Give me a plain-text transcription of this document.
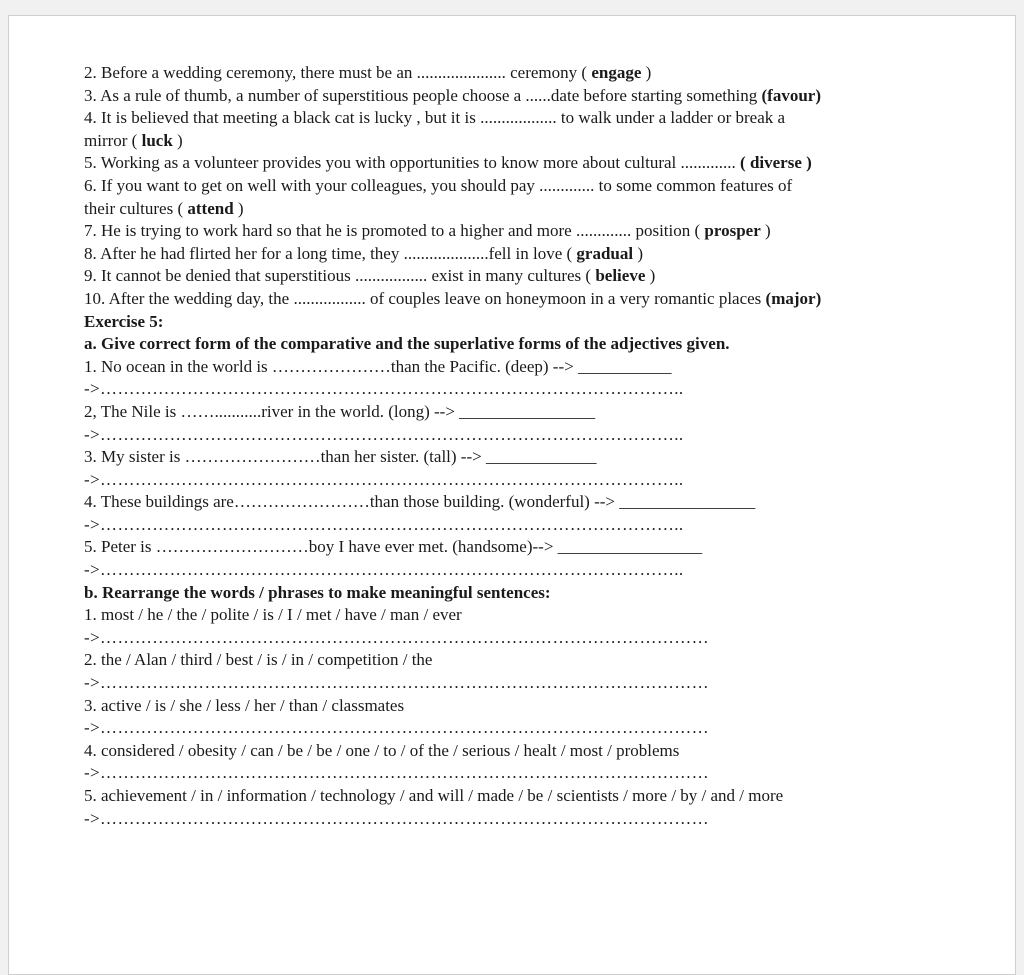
2. Before a wedding ceremony, there must be an ..................... ceremony ( engage )
3. As a rule of thumb, a number of superstitious people choose a ......date before starting something (favour)
4. It is believed that meeting a black cat is lucky , but it is .................. to walk under a ladder or break a
mirror ( luck )
5. Working as a volunteer provides you with opportunities to know more about cultural ............. ( diverse )
6. If you want to get on well with your colleagues, you should pay ............. to some common features of
their cultures ( attend )
7. He is trying to work hard so that he is promoted to a higher and more ............. position ( prosper )
8. After he had flirted her for a long time, they ....................fell in love ( gradual )
9. It cannot be denied that superstitious ................. exist in many cultures ( believe )
10. After the wedding day, the ................. of couples leave on honeymoon in a very romantic places (major)
Exercise 5:
a. Give correct form of the comparative and the superlative forms of the adjectives given.
1. No ocean in the world is …………………than the Pacific. (deep) --> ___________
->………………………………………………………………………………………..
2, The Nile is ……...........river in the world. (long) --> ________________
->………………………………………………………………………………………..
3. My sister is ……………………than her sister. (tall) --> _____________
->………………………………………………………………………………………..
4. These buildings are……………………than those building. (wonderful) --> ________________
->………………………………………………………………………………………..
5. Peter is ………………………boy I have ever met. (handsome)--> _________________
->………………………………………………………………………………………..
b. Rearrange the words / phrases to make meaningful sentences:
1. most / he / the / polite / is / I / met / have / man / ever
->……………………………………………………………………………………………
2. the / Alan / third / best / is / in / competition / the
->……………………………………………………………………………………………
3. active / is / she / less / her / than / classmates
->……………………………………………………………………………………………
4. considered / obesity / can / be / be / one / to / of the / serious / healt / most / problems
->……………………………………………………………………………………………
5. achievement / in / information / technology / and will / made / be / scientists / more / by / and / more
->……………………………………………………………………………………………
